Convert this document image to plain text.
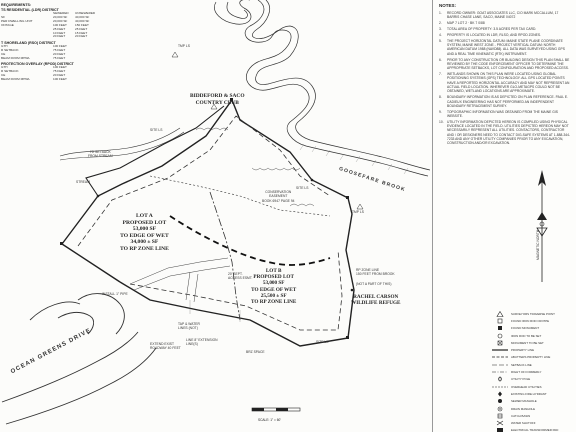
BIDDEFORD & SACO
COUNTRY CLUB
LOT A
PROPOSED LOT
53,000 SF
TO EDGE OF WET
34,000 ± SF
TO RP ZONE LINE
LOT B
PROPOSED LOT
53,000 SF
TO EDGE OF WET
25,500 ± SF
TO RP ZONE LINE
RACHEL CARSON
WILDLIFE REFUGE
OCEAN GREENS DRIVE
GOOSEFARE BROOK
75' SETBACK
FROM STREAM
STREAM
CONSERVATION
EASEMENT
BOOK 6947 PAGE 94
RP ZONE LINE
150 FEET FROM BROOK
(NOT A PART OF THIS)
INSTALL 1" PIPE
EXTEND EXIST
ROADWAY 40 FEET
TAP & WATER
LINES (NOT)
LINE 8" EXTENSION
LINE(S)
20' SEPT.
ACCESS ESMT.
BRZ SPACE
TMP LS
TMP LS
SITE LS
SITE LS
SITE LS
SCALE: 1" = 60'
REQUIREMENTS:
TS RESIDENTIAL (LDR) DISTRICT
SEWERED	UNSEWERED
SF	20,000 SF	40,000 SF
PER DWELLING UNIT	20,000 SF	40,000 SF
ONTAGE	100 FEET	150 FEET
25 FEET	25 FEET
10 FEET	15 FEET
20 FEET	20 FEET
T SHORELAND (RSO) DISTRICT
GTH	100 FEET
R SETBACK	75 FEET
CE	20 FEET
BEAM FROM MHWL	75 FEET
PROTECTION OVERLAY (RPOD) DISTRICT
GTH	100 FEET
R SETBACK	75 FEET
CE	20 FEET
BEAM FROM MHWL	100 FEET
NOTES:
1.	RECORD OWNER: GOAT ASSOCIATES LLC, C/O MARK MCCALLUM, 17 BARRIS CHASE LANE, SACO, MAINE 04072
2.	MAP 7 LOT 2 · BK 7 0/88
3.	TOTAL AREA OF PROPERTY: 3.5 ACRES PER TAX CARD.
4.	PROPERTY IS LOCATED IN LDR, RLSO, AND RPOD ZONES.
5.	THE PROJECT HORIZONTAL DATUM: MAINE STATE PLANE COORDINATE SYSTEM, MAINE WEST ZONE - PROJECT VERTICAL DATUM: NORTH AMERICAN DATUM 1988 (NAVD88). ALL DATA WAS SURVEYED USING GPS AND A REAL TIME KINEMATIC (RTK) INSTRUMENT.
6.	PRIOR TO ANY CONSTRUCTION OR BUILDING DESIGN THIS PLAN SHALL BE REVIEWED BY THE CODE ENFORCEMENT OFFICER TO DETERMINE THE APPROPRIATE SETBACKS, LOT CONFIGURATION AND PROPOSED ACCESS.
7.	WETLANDS SHOWN ON THIS PLAN WERE LOCATED USING GLOBAL POSITIONING SYSTEMS (GPS) TECHNOLOGY. ALL GPS LOCATED POINTS HAVE A REPORTED HORIZONTAL ACCURACY AND MAY NOT REPRESENT AN ACTUAL FIELD LOCATION. WHEREVER GLO-METAGPS COULD NOT BE OBTAINED, WETLAND LOCATIONS ARE APPROXIMATE.
8.	BOUNDARY INFORMATION IS AS DEPICTED ON PLAN REFERENCE. PAUL E. CADIEUX ENGINEERING HAS NOT PERFORMED AN INDEPENDENT BOUNDARY RETRACEMENT SURVEY.
9.	TOPOGRAPHIC INFORMATION WAS OBTAINED FROM THE MAINE GIS WEBSITE.
10.	UTILITY INFORMATION DEPICTED HEREON IS COMPILED USING PHYSICAL EVIDENCE LOCATED IN THE FIELD. UTILITIES DEPICTED HEREON MAY NOT NECESSARILY REPRESENT ALL UTILITIES. CONTACTORS, CONTRACTOR AND / OR DESIGNERS NEED TO CONTACT DIG-SAFE SYSTEMS AT 1-888-344-7233 AND ANY OTHER UTILITY COMPANIES PRIOR TO ANY EXCAVATION, CONSTRUCTION AND/OR EXCAVATION.
MAGNETIC NORTH
SURVEYORS TRAVERSE POINT
FOUND IRON ROD OR PIPE
FOUND MONUMENT
IRON ROD TO BE SET
MONUMENT TO BE SET
PROPERTY LINE
ABUTTERS PROPERTY LINE
SETBACK LINE
RIGHT OF FORMERLY
UTILITY POLE
OVERHEAD UTILITIES
EXISTING FIRE HYDRANT
SEWER MANHOLE
DRAIN MANHOLE
CATCH BASIN
WATER SHUTOFF
ELECTRICAL TRANSFORMER PAD
